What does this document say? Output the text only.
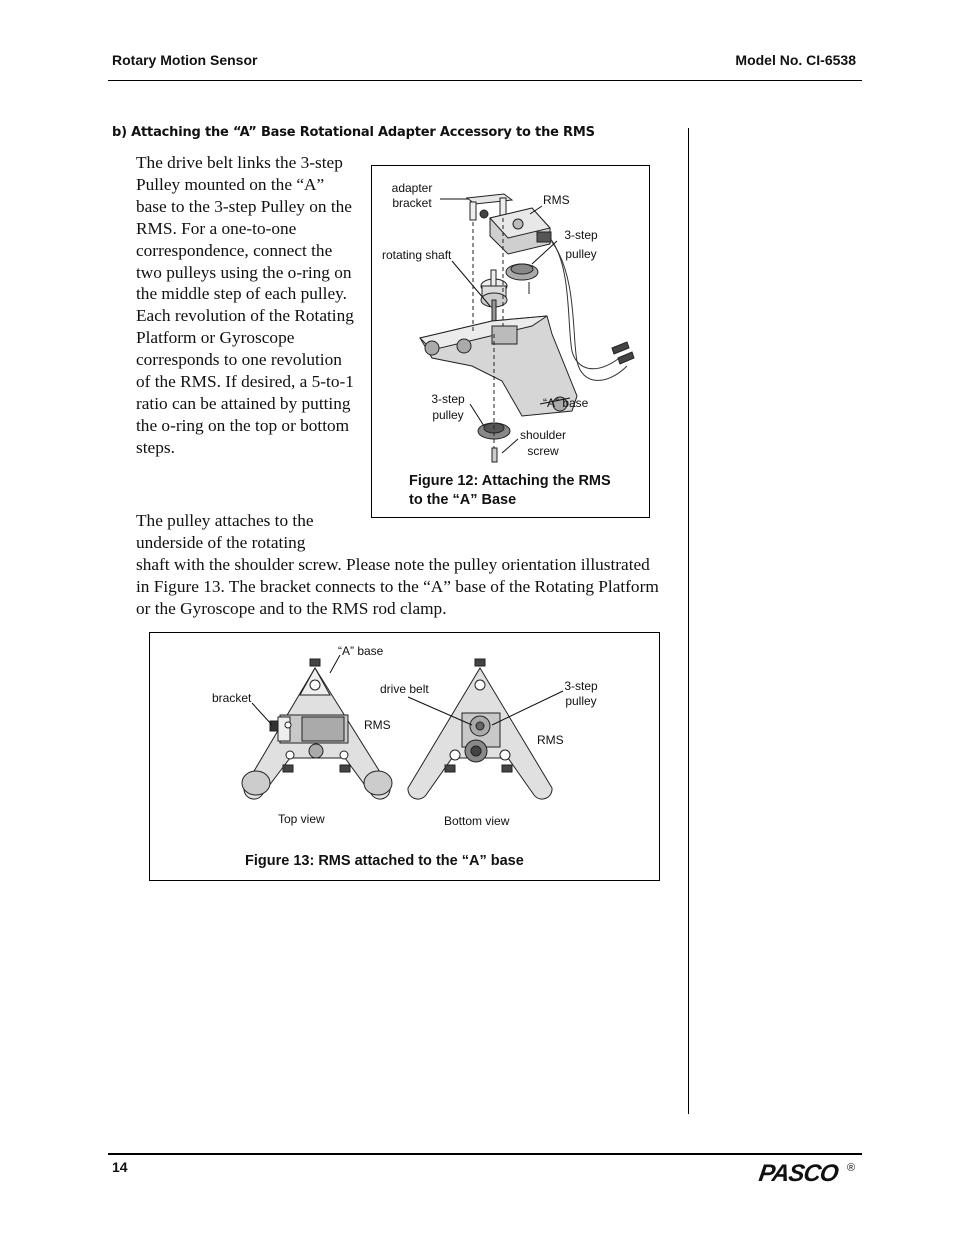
Rotary Motion Sensor	Model No. CI-6538
b) Attaching the “A” Base Rotational Adapter Accessory to the RMS
The drive belt links the 3-step Pulley mounted on the “A” base to the 3-step Pulley on the RMS. For a one-to-one correspondence, connect the two pulleys using the o-ring on the middle step of each pulley. Each revolution of the Rotating Platform or Gyroscope corresponds to one revolution of the RMS. If desired, a 5-to-1 ratio can be attained by putting the o-ring on the top or bottom steps.
The pulley attaches to the underside of the rotating
shaft with the shoulder screw. Please note the pulley orientation illustrated in Figure 13. The bracket connects to the “A” base of the Rotating Platform or the Gyroscope and to the RMS rod clamp.
adapter
bracket	RMS
3-step
pulley
rotating shaft
3-step
pulley
“A” base
shoulder
screw
Figure 12: Attaching the RMS
to the “A” Base
“A” base
bracket
RMS
drive belt	3-step
pulley
RMS
Top view	Bottom view
Figure 13: RMS attached to the “A” base
14	PASCO ®
